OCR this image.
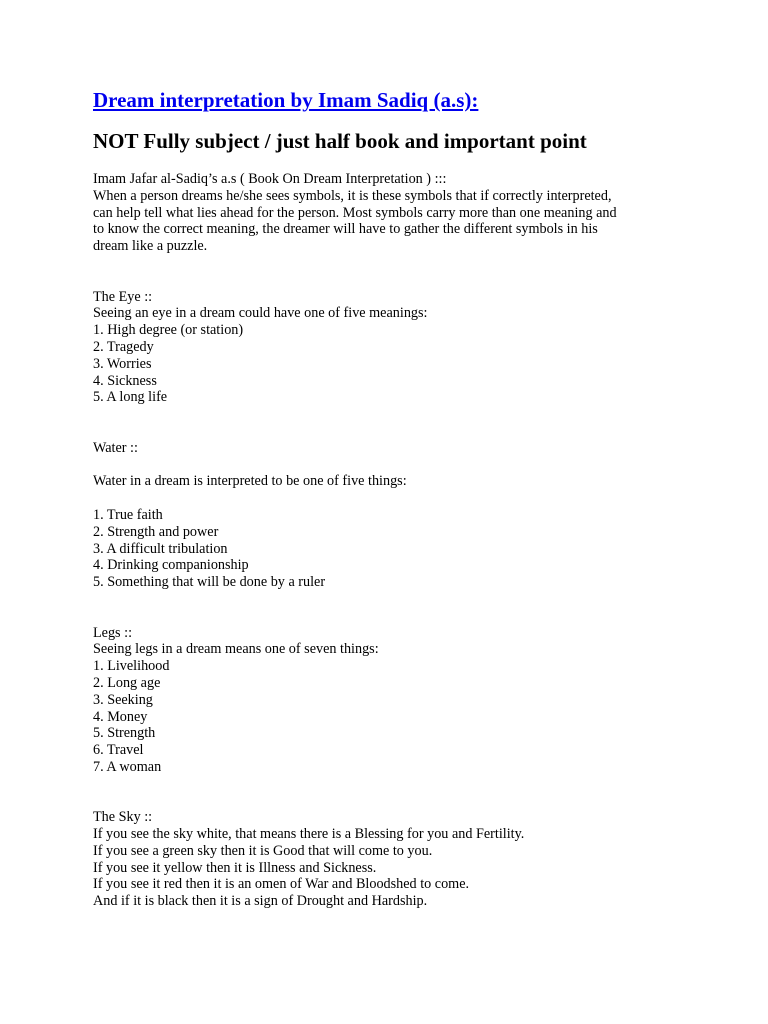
Dream interpretation by Imam Sadiq (a.s):
NOT Fully subject / just half book and important point
Imam Jafar al-Sadiq’s a.s ( Book On Dream Interpretation ) :::
When a person dreams he/she sees symbols, it is these symbols that if correctly interpreted,
can help tell what lies ahead for the person. Most symbols carry more than one meaning and
to know the correct meaning, the dreamer will have to gather the different symbols in his
dream like a puzzle.
The Eye ::
Seeing an eye in a dream could have one of five meanings:
1. High degree (or station)
2. Tragedy
3. Worries
4. Sickness
5. A long life
Water ::
Water in a dream is interpreted to be one of five things:
1. True faith
2. Strength and power
3. A difficult tribulation
4. Drinking companionship
5. Something that will be done by a ruler
Legs ::
Seeing legs in a dream means one of seven things:
1. Livelihood
2. Long age
3. Seeking
4. Money
5. Strength
6. Travel
7. A woman
The Sky ::
If you see the sky white, that means there is a Blessing for you and Fertility.
If you see a green sky then it is Good that will come to you.
If you see it yellow then it is Illness and Sickness.
If you see it red then it is an omen of War and Bloodshed to come.
And if it is black then it is a sign of Drought and Hardship.
